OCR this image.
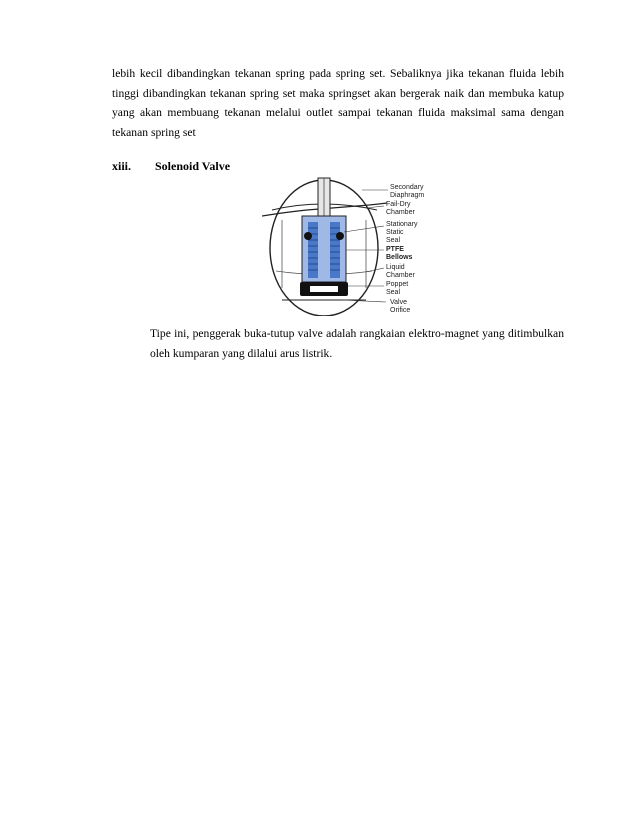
lebih kecil dibandingkan tekanan spring pada spring set. Sebaliknya jika tekanan fluida lebih tinggi dibandingkan tekanan spring set maka springset akan bergerak naik dan membuka katup yang akan membuang tekanan melalui outlet sampai tekanan fluida maksimal sama dengan tekanan spring set
xiii. Solenoid Valve
Secondary
Diaphragm
Fail-Dry
Chamber
Stationary
Static
Seal
PTFE
Bellows
Liquid
Chamber
Poppet
Seal
Valve
Orifice
Tipe ini, penggerak buka-tutup valve adalah rangkaian elektro-magnet yang ditimbulkan oleh kumparan yang dilalui arus listrik.
